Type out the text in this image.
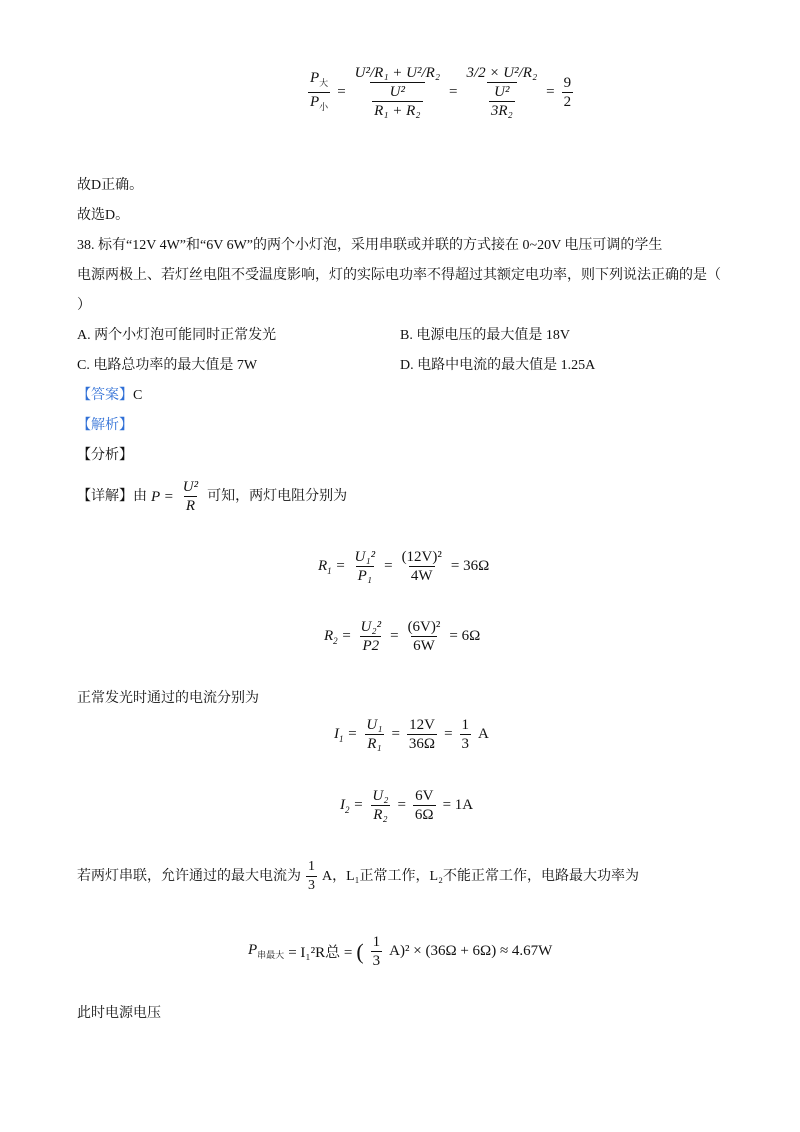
$\frac{P_大}{P_小} = \frac{\text{U²/R₁ + U²/R₂}}{\frac{\text{U²}}{\text{R₁ + R₂}}} = \frac{\text{3/2 × U²/R₂}}{\frac{\text{U²}}{\text{3R₂}}} = \frac{9}{2}$
故D正确。
故选D。
38. 标有“12V 4W”和“6V 6W”的两个小灯泡，采用串联或并联的方式接在 0~20V 电压可调的学生
电源两极上、若灯丝电阻不受温度影响，灯的实际电功率不得超过其额定电功率，则下列说法正确的是（
）
A. 两个小灯泡可能同时正常发光	B. 电源电压的最大值是 18V
C. 电路总功率的最大值是 7W	D. 电路中电流的最大值是 1.25A
【答案】C
【解析】
【分析】
【详解】由 $P = \frac{\text{U²}}{R}$ 可知，两灯电阻分别为
$R_1 = \frac{\text{U₁²}}{\text{P₁}} = \frac{\text{(12V)²}}{4W} = 36\Omega$
$R_2 = \frac{\text{U₂²}}{P2} = \frac{\text{(6V)²}}{6W} = 6\Omega$
正常发光时通过的电流分别为
$I_1 = \frac{\text{U₁}}{\text{R₁}} = \frac{12V}{36\Omega} = \frac{1}{3}$ A
$I_2 = \frac{\text{U₂}}{\text{R₂}} = \frac{6V}{6\Omega} = 1A$
若两灯串联，允许通过的最大电流为 $\frac{1}{3}$ A，L₁正常工作，L₂不能正常工作，电路最大功率为
$P_{串最大} = I_1^2R$总 = ( $\frac{1}{3} A)^2 \times (36\Omega + 6\Omega) \approx 4.67W$
此时电源电压
